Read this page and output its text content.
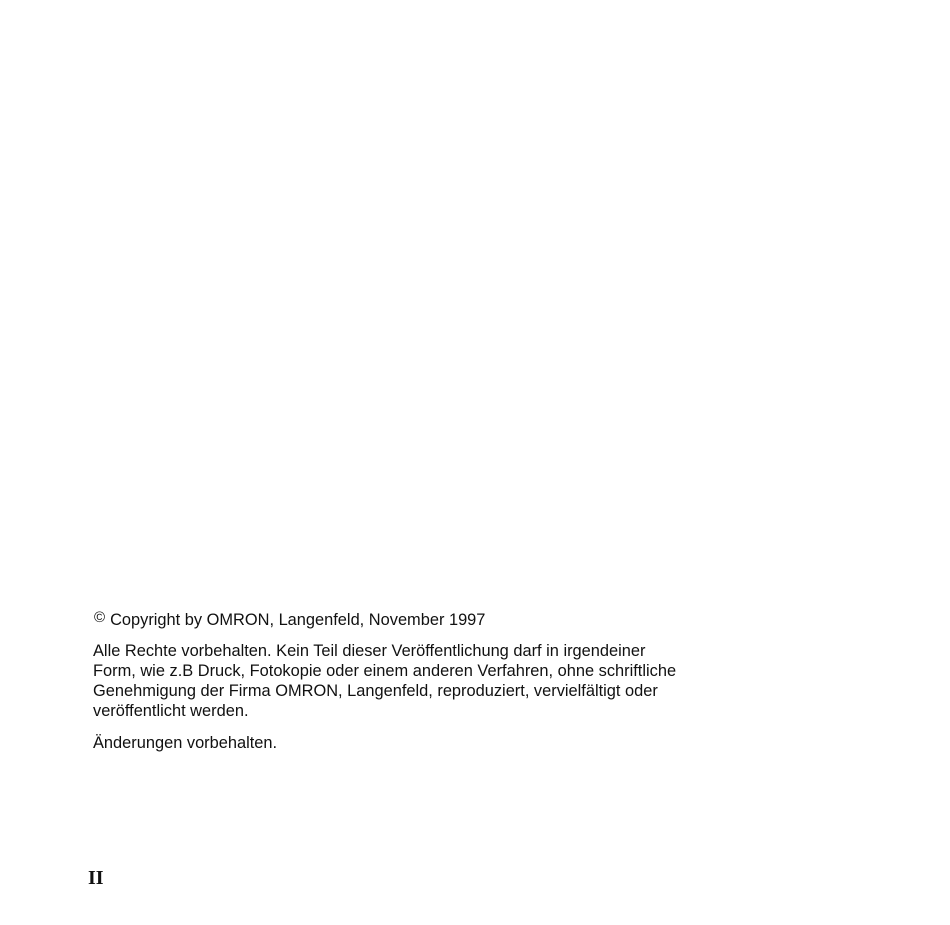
© Copyright by OMRON, Langenfeld, November 1997

Alle Rechte vorbehalten. Kein Teil dieser Veröffentlichung darf in irgendeiner
Form, wie z.B Druck, Fotokopie oder einem anderen Verfahren, ohne schriftliche
Genehmigung der Firma OMRON, Langenfeld, reproduziert, vervielfältigt oder
veröffentlicht werden.

Änderungen vorbehalten.

II
